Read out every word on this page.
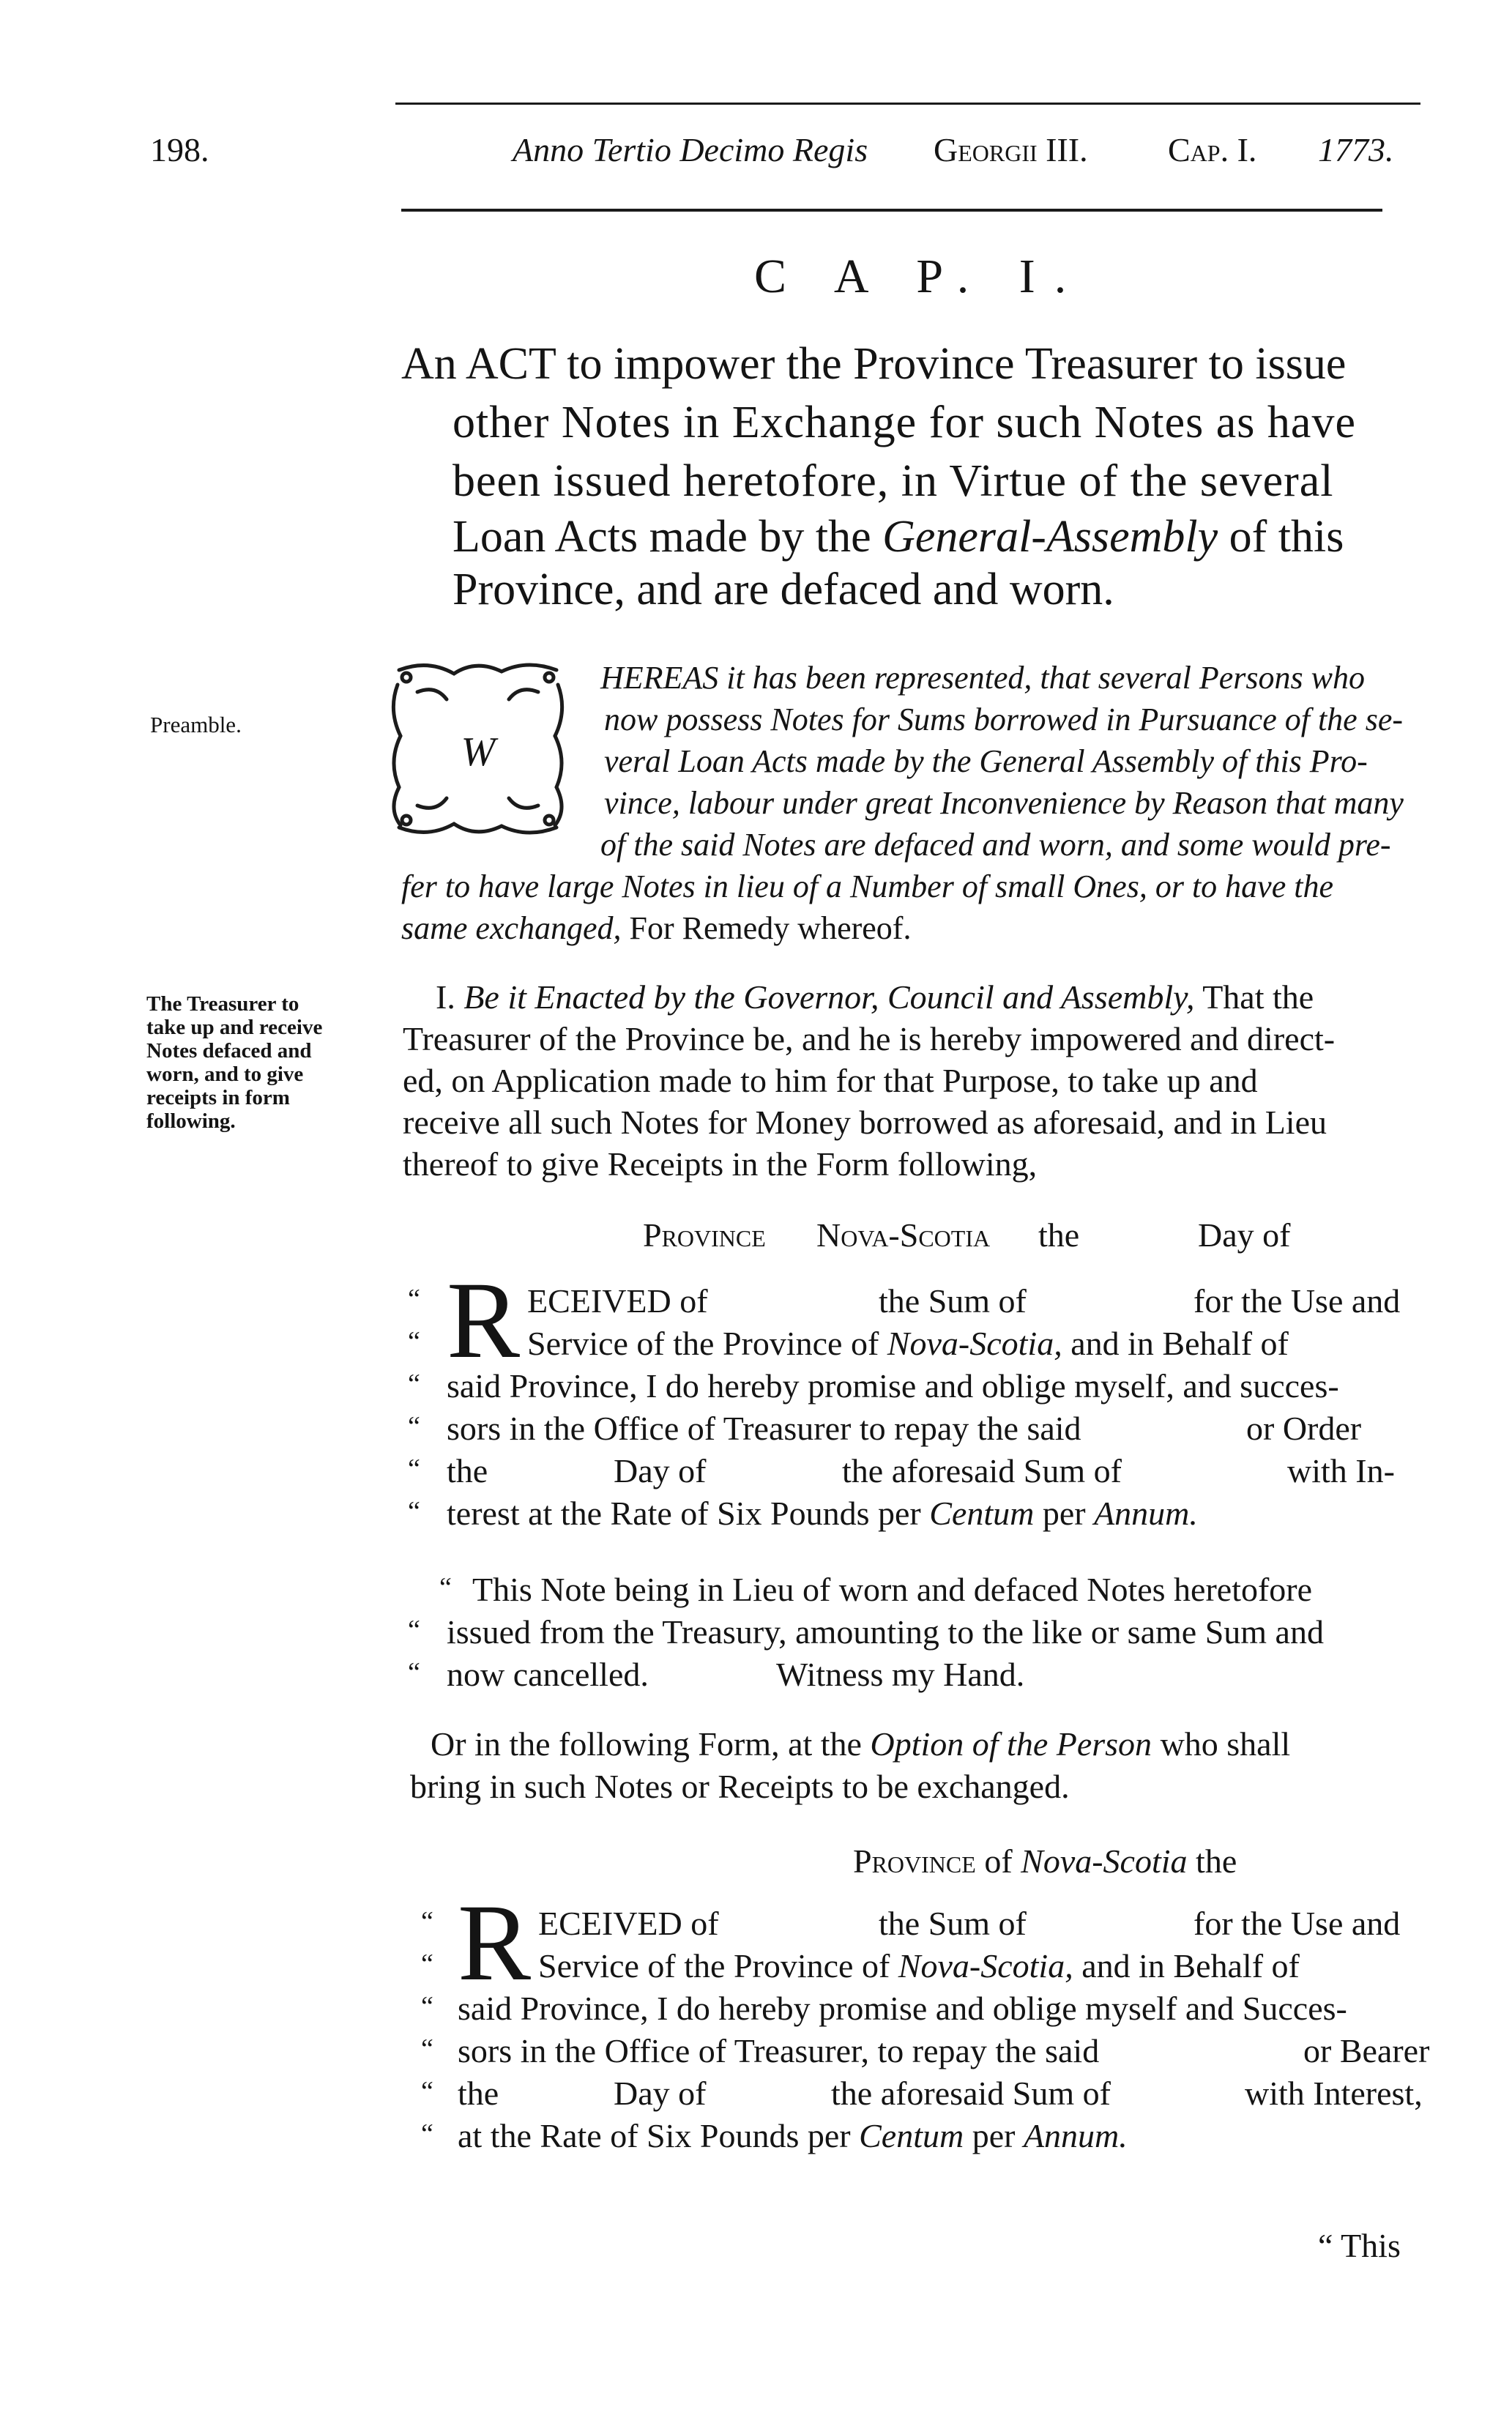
198.	Anno Tertio Decimo Regis Georgii III. Cap. I. 1773.
C A P. I.
An ACT to impower the Province Treasurer to issue
other Notes in Exchange for such Notes as have
been issued heretofore, in Virtue of the several
Loan Acts made by the General-Assembly of this
Province, and are defaced and worn.
Preamble.
The Treasurer to
take up and receive
Notes defaced and
worn, and to give
receipts in form
following.
W
HEREAS it has been represented, that several Persons who
now possess Notes for Sums borrowed in Pursuance of the se-
veral Loan Acts made by the General Assembly of this Pro-
vince, labour under great Inconvenience by Reason that many
of the said Notes are defaced and worn, and some would pre-
fer to have large Notes in lieu of a Number of small Ones, or to have the
same exchanged, For Remedy whereof.
I. Be it Enacted by the Governor, Council and Assembly, That the
Treasurer of the Province be, and he is hereby impowered and direct-
ed, on Application made to him for that Purpose, to take up and
receive all such Notes for Money borrowed as aforesaid, and in Lieu
thereof to give Receipts in the Form following,
Province Nova-Scotia the	Day of
“
“
“
“
“
“
R ECEIVED of	the Sum of	for the Use and
Service of the Province of Nova-Scotia, and in Behalf of
said Province, I do hereby promise and oblige myself, and succes-
sors in the Office of Treasurer to repay the said	or Order
the	Day of	the aforesaid Sum of	with In-
terest at the Rate of Six Pounds per Centum per Annum.
“ This Note being in Lieu of worn and defaced Notes heretofore
“ issued from the Treasury, amounting to the like or same Sum and
“ now cancelled.	Witness my Hand.
Or in the following Form, at the Option of the Person who shall
bring in such Notes or Receipts to be exchanged.
Province of Nova-Scotia the
“
“
“
“
“
“
R ECEIVED of	the Sum of	for the Use and
Service of the Province of Nova-Scotia, and in Behalf of
said Province, I do hereby promise and oblige myself and Succes-
sors in the Office of Treasurer, to repay the said	or Bearer
the	Day of	the aforesaid Sum of	with Interest,
at the Rate of Six Pounds per Centum per Annum.
“ This
